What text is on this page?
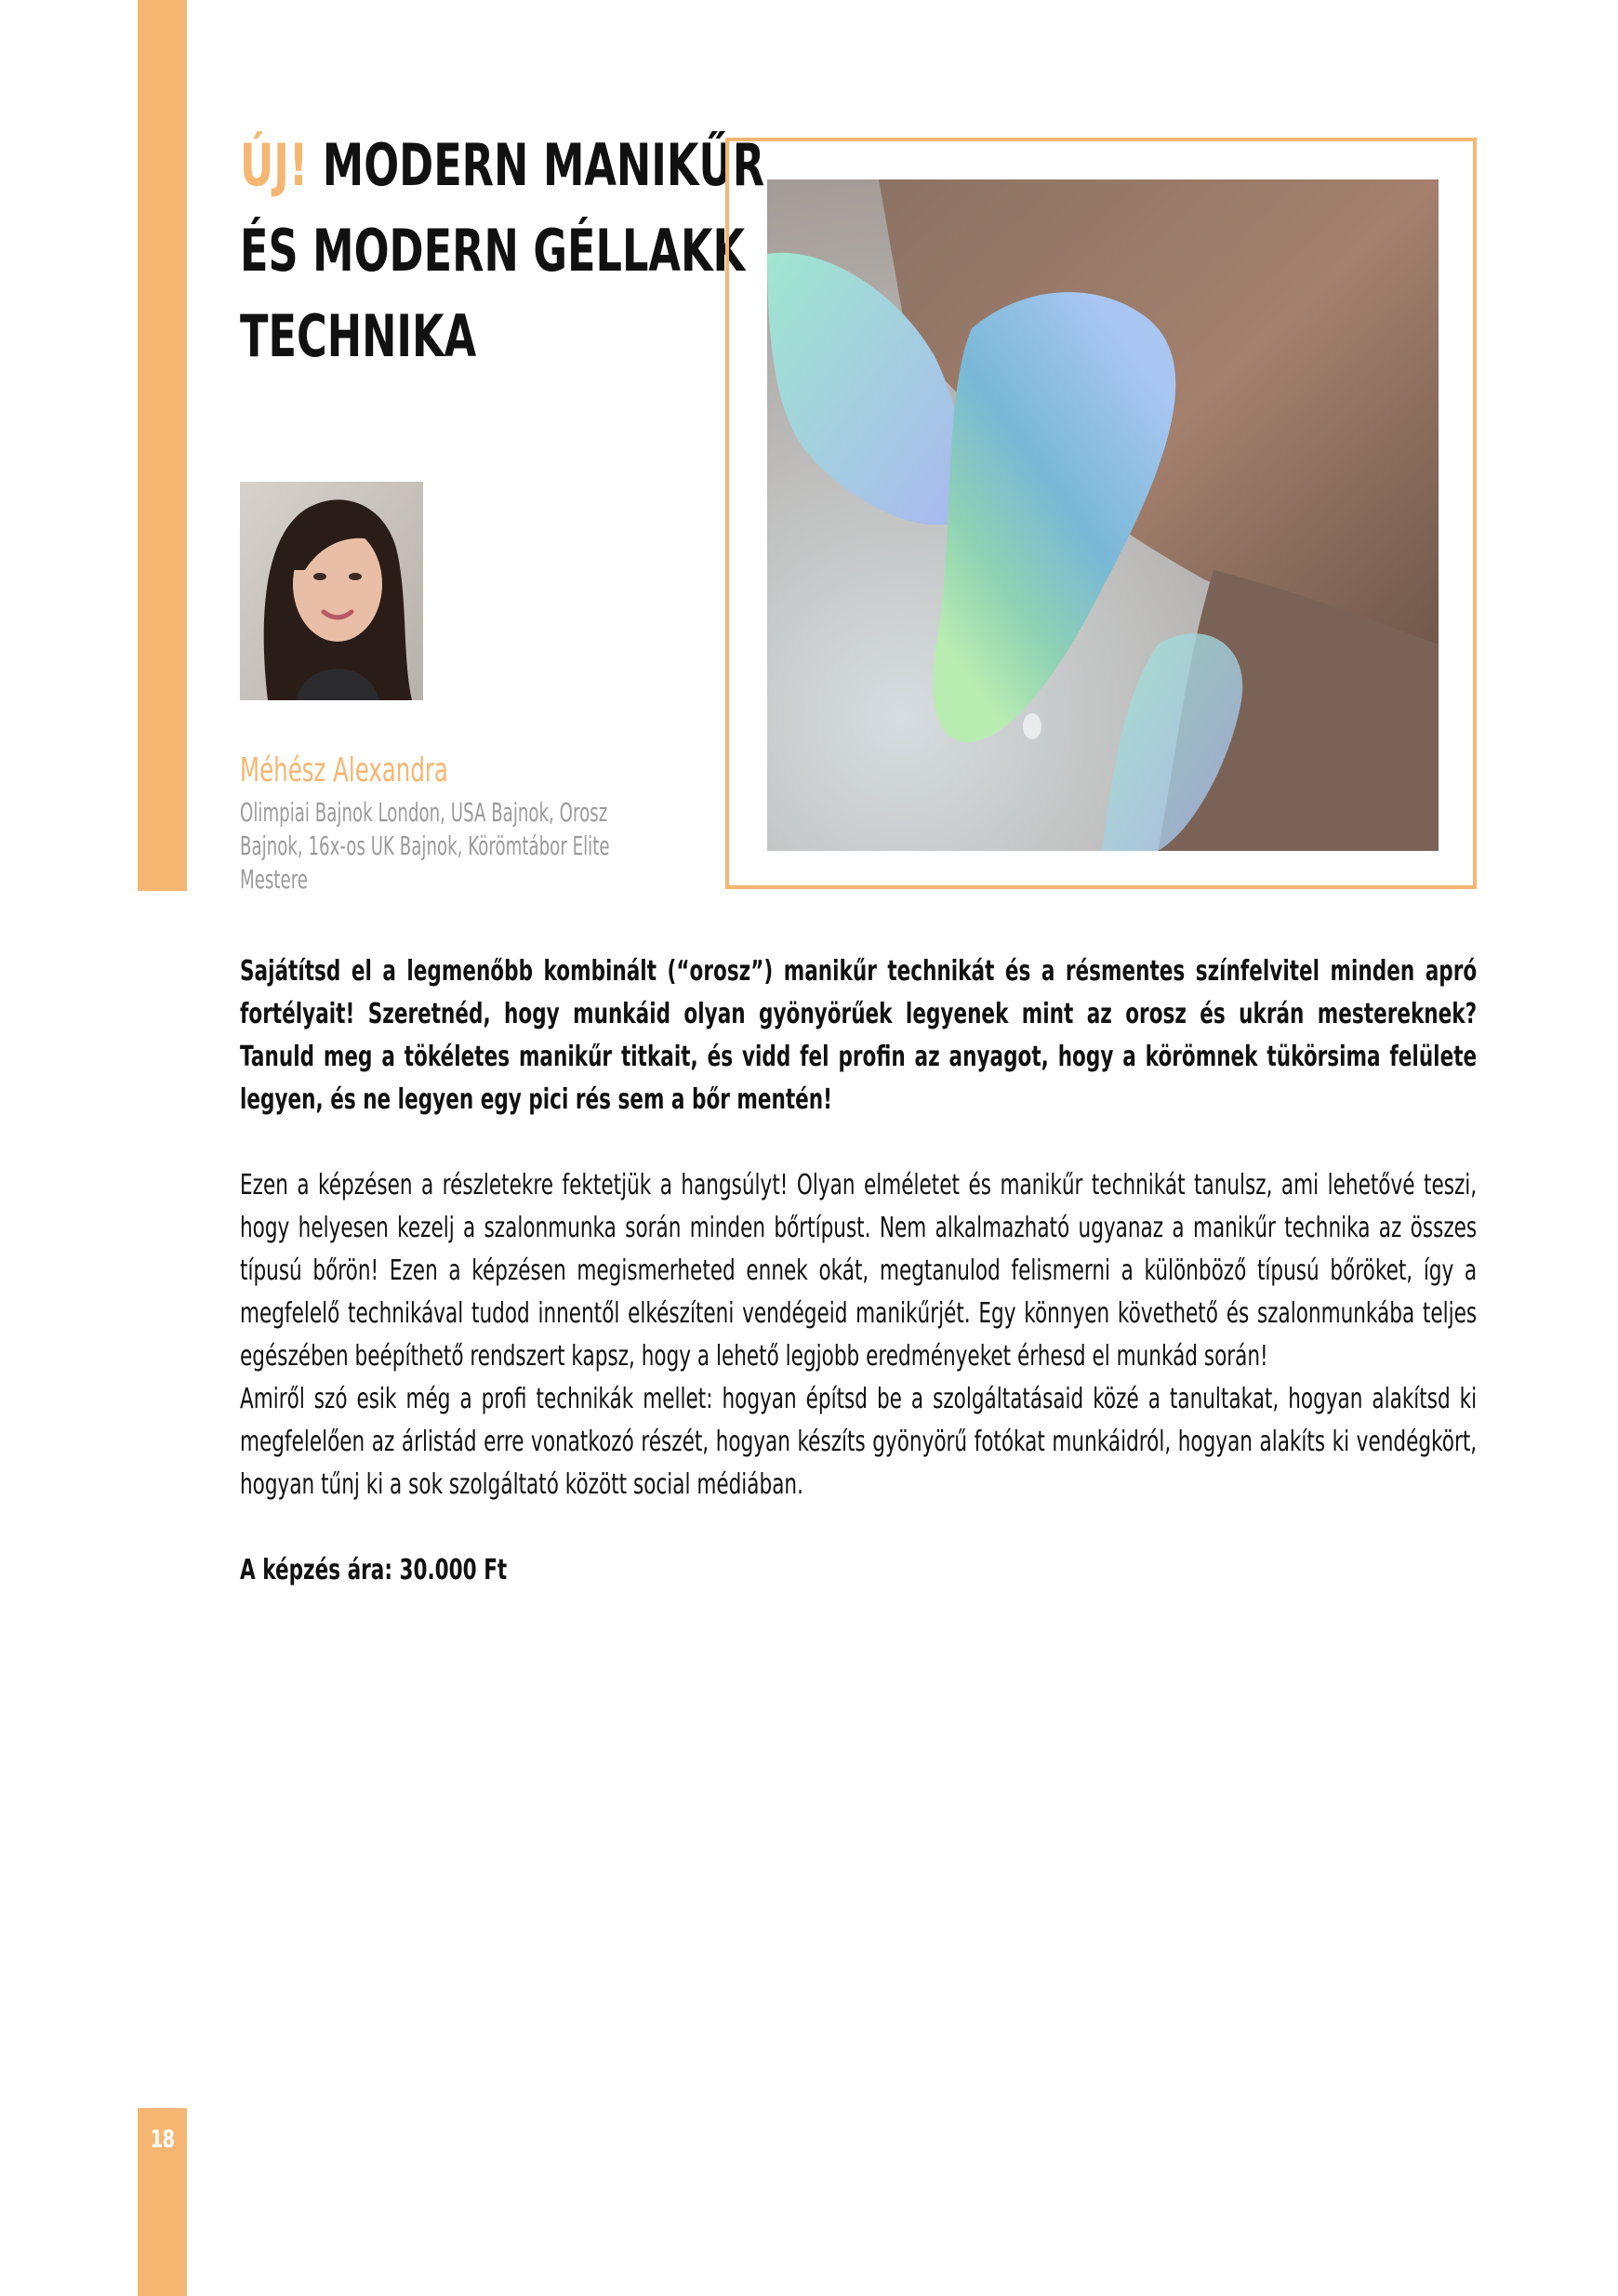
18
ÚJ! MODERN MANIKŰR
ÉS MODERN GÉLLAKK
TECHNIKA
Méhész Alexandra
Olimpiai Bajnok London, USA Bajnok, Orosz Bajnok, 16x-os UK Bajnok, Körömtábor Elite Mestere

Sajátítsd el a legmenőbb kombinált (“orosz”) manikűr technikát és a résmentes színfelvitel minden apró fortélyait! Szeretnéd, hogy munkáid olyan gyönyörűek legyenek mint az orosz és ukrán mestereknek? Tanuld meg a tökéletes manikűr titkait, és vidd fel profin az anyagot, hogy a körömnek tükörsima felülete legyen, és ne legyen egy pici rés sem a bőr mentén!

Ezen a képzésen a részletekre fektetjük a hangsúlyt! Olyan elméletet és manikűr technikát tanulsz, ami lehetővé teszi, hogy helyesen kezelj a szalonmunka során minden bőrtípust. Nem alkalmazható ugyanaz a manikűr technika az összes típusú bőrön! Ezen a képzésen megismerheted ennek okát, megtanulod felismerni a különböző típusú bőröket, így a megfelelő technikával tudod innentől elkészíteni vendégeid manikűrjét. Egy könnyen követhető és szalonmunkába teljes egészében beépíthető rendszert kapsz, hogy a lehető legjobb eredményeket érhesd el munkád során!

Amiről szó esik még a profi technikák mellet: hogyan építsd be a szolgáltatásaid közé a tanultakat, hogyan alakítsd ki megfelelően az árlistád erre vonatkozó részét, hogyan készíts gyönyörű fotókat munkáidról, hogyan alakíts ki vendégkört, hogyan tűnj ki a sok szolgáltató között social médiában.

A képzés ára: 30.000 Ft
